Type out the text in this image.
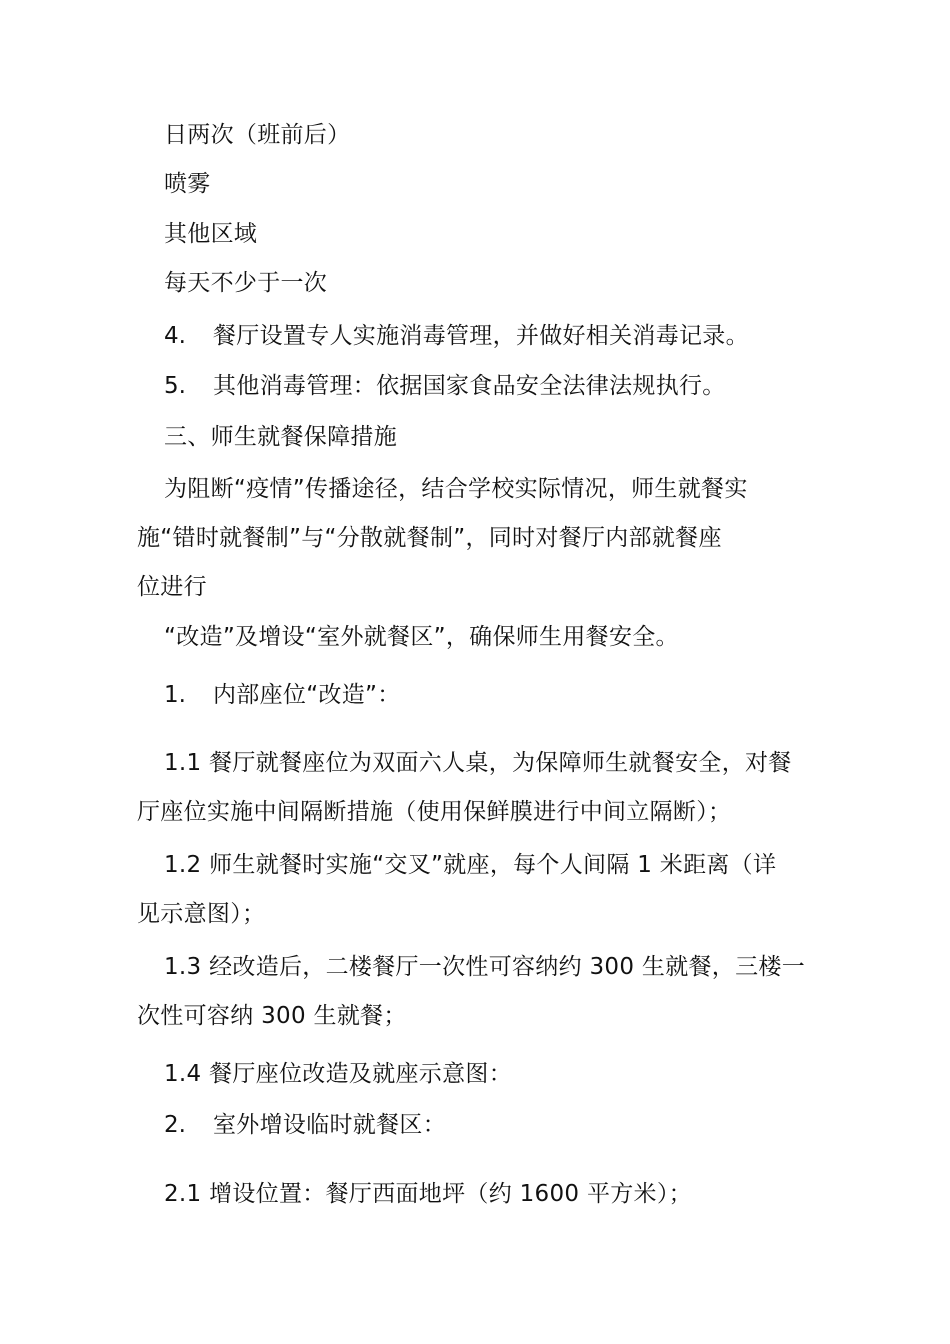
日两次（班前后）
喷雾
其他区域
每天不少于一次
4. 餐厅设置专人实施消毒管理，并做好相关消毒记录。
5. 其他消毒管理：依据国家食品安全法律法规执行。
三、师生就餐保障措施
为阻断“疫情”传播途径，结合学校实际情况，师生就餐实
施“错时就餐制”与“分散就餐制”，同时对餐厅内部就餐座
位进行
“改造”及增设“室外就餐区”，确保师生用餐安全。
1. 内部座位“改造”：
1.1 餐厅就餐座位为双面六人桌，为保障师生就餐安全，对餐
厅座位实施中间隔断措施（使用保鲜膜进行中间立隔断）；
1.2 师生就餐时实施“交叉”就座，每个人间隔 1 米距离（详
见示意图）；
1.3 经改造后，二楼餐厅一次性可容纳约 300 生就餐，三楼一
次性可容纳 300 生就餐；
1.4 餐厅座位改造及就座示意图：
2. 室外增设临时就餐区：
2.1 增设位置：餐厅西面地坪（约 1600 平方米）；
